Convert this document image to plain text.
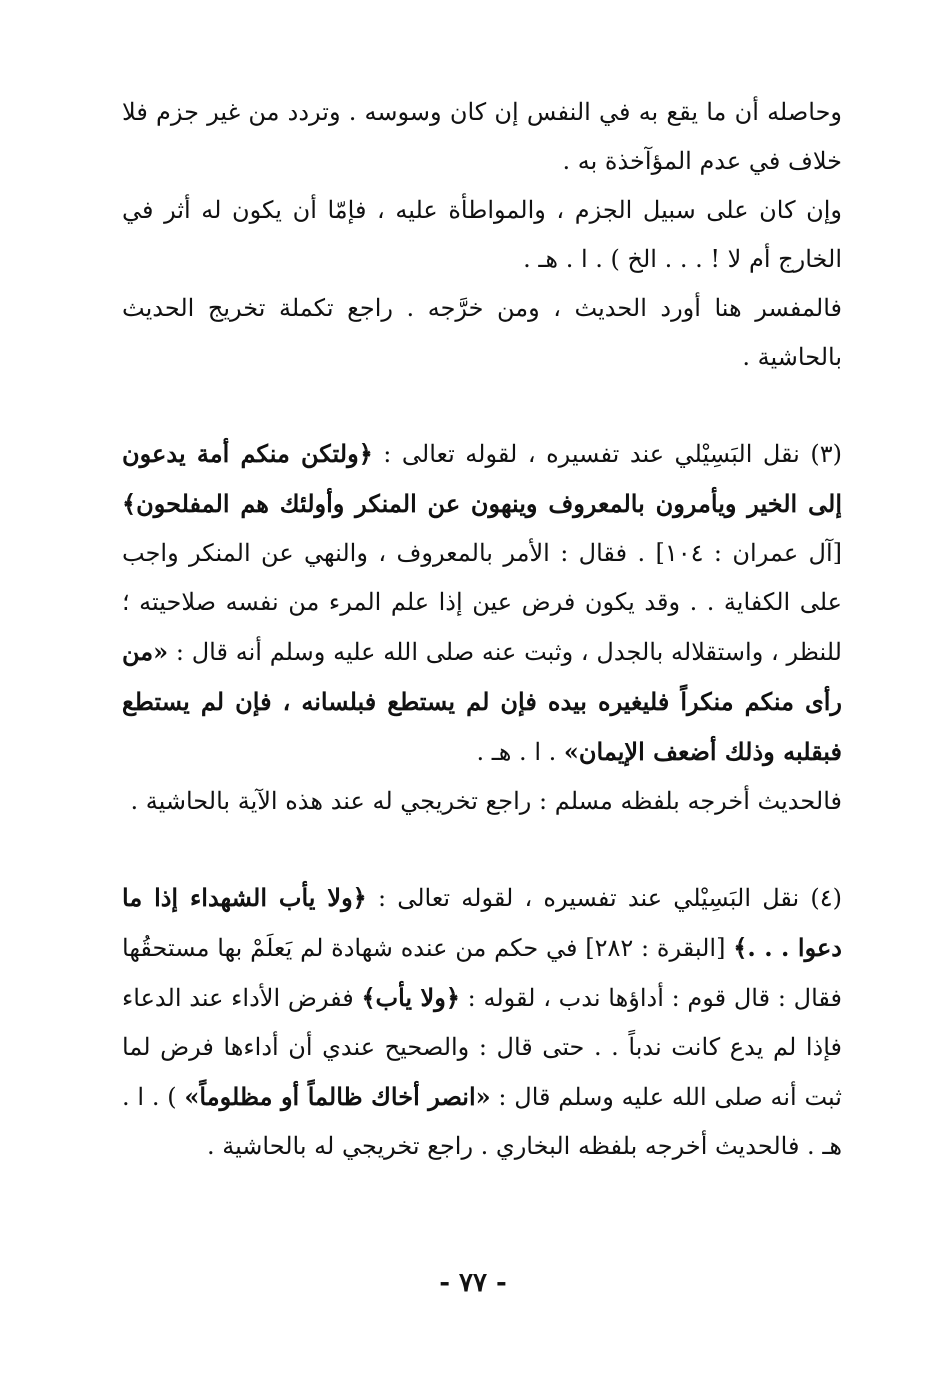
وحاصله أن ما يقع به في النفس إن كان وسوسه . وتردد من غير جزم فلا خلاف في عدم المؤآخذة به .

وإن كان على سبيل الجزم ، والمواطأة عليه ، فإمّا أن يكون له أثر في الخارج أم لا ! . . . الخ ) . ا . هـ .

فالمفسر هنا أورد الحديث ، ومن خرَّجه . راجع تكملة تخريج الحديث بالحاشية .

(٣) نقل البَسِيْلي عند تفسيره ، لقوله تعالى : ﴿ولتكن منكم أمة يدعون إلى الخير ويأمرون بالمعروف وينهون عن المنكر وأولئك هم المفلحون﴾ [آل عمران : ١٠٤] . فقال : الأمر بالمعروف ، والنهي عن المنكر واجب على الكفاية . . وقد يكون فرض عين إذا علم المرء من نفسه صلاحيته ؛ للنظر ، واستقلاله بالجدل ، وثبت عنه صلى الله عليه وسلم أنه قال : «من رأى منكم منكراً فليغيره بيده فإن لم يستطع فبلسانه ، فإن لم يستطع فبقلبه وذلك أضعف الإيمان» . ا . هـ .

فالحديث أخرجه بلفظه مسلم : راجع تخريجي له عند هذه الآية بالحاشية .

(٤) نقل البَسِيْلي عند تفسيره ، لقوله تعالى : ﴿ولا يأب الشهداء إذا ما دعوا . . .﴾ [البقرة : ٢٨٢] في حكم من عنده شهادة لم يَعلَمْ بها مستحقُها فقال : قال قوم : أداؤها ندب ، لقوله : ﴿ولا يأب﴾ ففرض الأداء عند الدعاء فإذا لم يدع كانت ندباً . . حتى قال : والصحيح عندي أن أداءها فرض لما ثبت أنه صلى الله عليه وسلم قال : «انصر أخاك ظالماً أو مظلوماً» ) . ا . هـ . فالحديث أخرجه بلفظه البخاري . راجع تخريجي له بالحاشية .

- ٧٧ -
